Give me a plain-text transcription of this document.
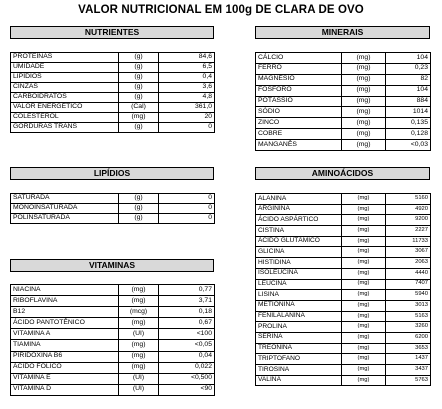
VALOR NUTRICIONAL EM 100g DE CLARA DE OVO
NUTRIENTES
PROTEÍNAS	(g)	84,6
UMIDADE	(g)	6,5
LIPÍDIOS	(g)	0,4
CINZAS	(g)	3,6
CARBOIDRATOS	(g)	4,8
VALOR ENERGÉTICO	(Cal)	361,0
COLESTEROL	(mg)	20
GORDURAS TRANS	(g)	0
MINERAIS
CÁLCIO	(mg)	104
FERRO	(mg)	0,23
MAGNÉSIO	(mg)	82
FÓSFORO	(mg)	104
POTÁSSIO	(mg)	884
SÓDIO	(mg)	1014
ZINCO	(mg)	0,135
COBRE	(mg)	0,128
MANGANÊS	(mg)	<0,03
LIPÍDIOS
SATURADA	(g)	0
MONOINSATURADA	(g)	0
POLINSATURADA	(g)	0
VITAMINAS
NIACINA	(mg)	0,77
RIBOFLAVINA	(mg)	3,71
B12	(mcg)	0,18
ÁCIDO PANTOTÊNICO	(mg)	0,67
VITAMINA A	(UI)	<100
TIAMINA	(mg)	<0,05
PIRIDOXINA B6	(mg)	0,04
ÁCIDO FÓLICO	(mg)	0,022
VITAMINA E	(UI)	<0,500
VITAMINA D	(UI)	<90
AMINOÁCIDOS
ALANINA	(mg)	5160
ARGININA	(mg)	4920
ÁCIDO ASPÁRTICO	(mg)	9200
CISTINA	(mg)	2227
ÁCIDO GLUTÂMICO	(mg)	11733
GLICINA	(mg)	3067
HISTIDINA	(mg)	2063
ISOLEUCINA	(mg)	4440
LEUCINA	(mg)	7407
LISINA	(mg)	5940
METIONINA	(mg)	3013
FENILALANINA	(mg)	5163
PROLINA	(mg)	3260
SERINA	(mg)	6200
TREONINA	(mg)	3653
TRIPTOFANO	(mg)	1437
TIROSINA	(mg)	3437
VALINA	(mg)	5763
